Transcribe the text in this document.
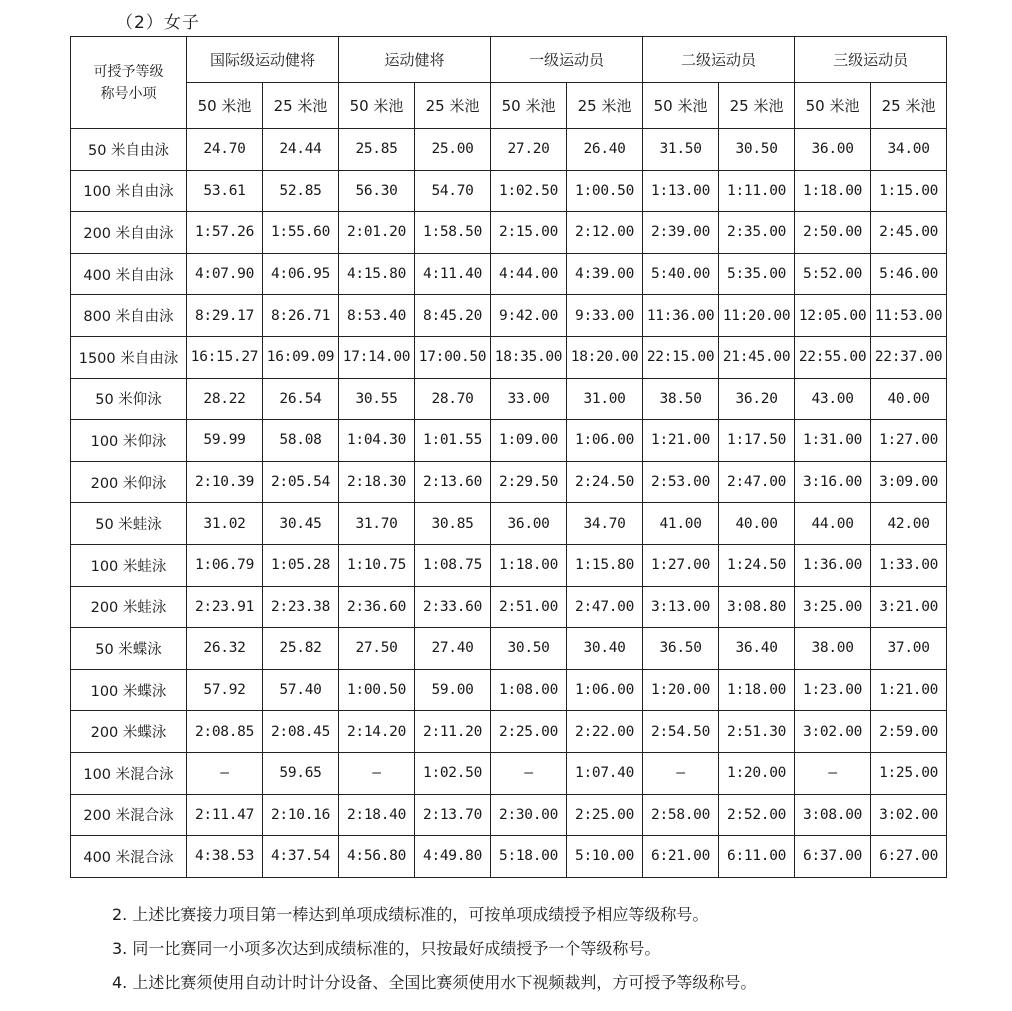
（2）女子
可授予等级
称号小项	国际级运动健将		运动健将		一级运动员		二级运动员		三级运动员	
	50 米池	25 米池	50 米池	25 米池	50 米池	25 米池	50 米池	25 米池	50 米池	25 米池
50 米自由泳	24.70	24.44	25.85	25.00	27.20	26.40	31.50	30.50	36.00	34.00
100 米自由泳	53.61	52.85	56.30	54.70	1:02.50	1:00.50	1:13.00	1:11.00	1:18.00	1:15.00
200 米自由泳	1:57.26	1:55.60	2:01.20	1:58.50	2:15.00	2:12.00	2:39.00	2:35.00	2:50.00	2:45.00
400 米自由泳	4:07.90	4:06.95	4:15.80	4:11.40	4:44.00	4:39.00	5:40.00	5:35.00	5:52.00	5:46.00
800 米自由泳	8:29.17	8:26.71	8:53.40	8:45.20	9:42.00	9:33.00	11:36.00	11:20.00	12:05.00	11:53.00
1500 米自由泳	16:15.27	16:09.09	17:14.00	17:00.50	18:35.00	18:20.00	22:15.00	21:45.00	22:55.00	22:37.00
50 米仰泳	28.22	26.54	30.55	28.70	33.00	31.00	38.50	36.20	43.00	40.00
100 米仰泳	59.99	58.08	1:04.30	1:01.55	1:09.00	1:06.00	1:21.00	1:17.50	1:31.00	1:27.00
200 米仰泳	2:10.39	2:05.54	2:18.30	2:13.60	2:29.50	2:24.50	2:53.00	2:47.00	3:16.00	3:09.00
50 米蛙泳	31.02	30.45	31.70	30.85	36.00	34.70	41.00	40.00	44.00	42.00
100 米蛙泳	1:06.79	1:05.28	1:10.75	1:08.75	1:18.00	1:15.80	1:27.00	1:24.50	1:36.00	1:33.00
200 米蛙泳	2:23.91	2:23.38	2:36.60	2:33.60	2:51.00	2:47.00	3:13.00	3:08.80	3:25.00	3:21.00
50 米蝶泳	26.32	25.82	27.50	27.40	30.50	30.40	36.50	36.40	38.00	37.00
100 米蝶泳	57.92	57.40	1:00.50	59.00	1:08.00	1:06.00	1:20.00	1:18.00	1:23.00	1:21.00
200 米蝶泳	2:08.85	2:08.45	2:14.20	2:11.20	2:25.00	2:22.00	2:54.50	2:51.30	3:02.00	2:59.00
100 米混合泳	—	59.65	—	1:02.50	—	1:07.40	—	1:20.00	—	1:25.00
200 米混合泳	2:11.47	2:10.16	2:18.40	2:13.70	2:30.00	2:25.00	2:58.00	2:52.00	3:08.00	3:02.00
400 米混合泳	4:38.53	4:37.54	4:56.80	4:49.80	5:18.00	5:10.00	6:21.00	6:11.00	6:37.00	6:27.00
2. 上述比赛接力项目第一棒达到单项成绩标准的，可按单项成绩授予相应等级称号。
3. 同一比赛同一小项多次达到成绩标准的，只按最好成绩授予一个等级称号。
4. 上述比赛须使用自动计时计分设备、全国比赛须使用水下视频裁判，方可授予等级称号。
